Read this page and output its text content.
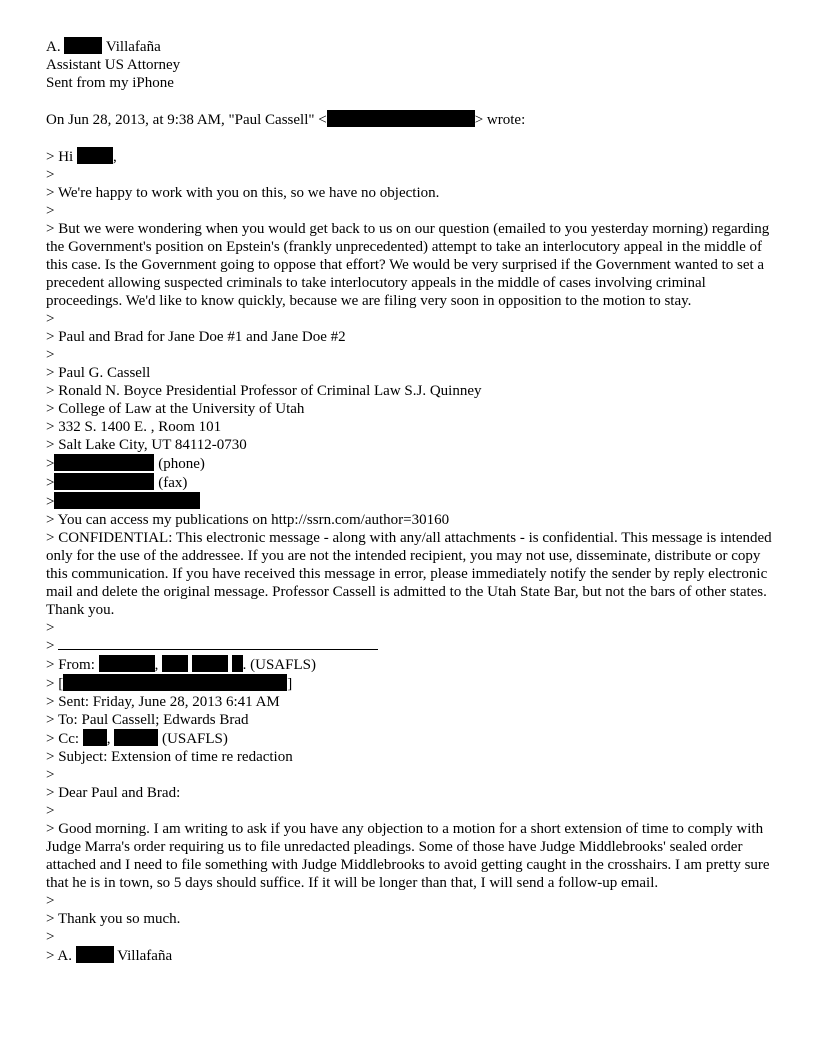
A.	Villafaña
Assistant US Attorney
Sent from my iPhone
On Jun 28, 2013, at 9:38 AM, "Paul Cassell" <	> wrote:
> Hi	,
>
> We're happy to work with you on this, so we have no objection.
>
> But we were wondering when you would get back to us on our question (emailed to you yesterday morning) regarding the Government's position on Epstein's (frankly unprecedented) attempt to take an interlocutory appeal in the middle of this case. Is the Government going to oppose that effort? We would be very surprised if the Government wanted to set a precedent allowing suspected criminals to take interlocutory appeals in the middle of cases involving criminal proceedings. We'd like to know quickly, because we are filing very soon in opposition to the motion to stay.
>
> Paul and Brad for Jane Doe #1 and Jane Doe #2
>
> Paul G. Cassell
> Ronald N. Boyce Presidential Professor of Criminal Law S.J. Quinney
> College of Law at the University of Utah
> 332 S. 1400 E. , Room 101
> Salt Lake City, UT 84112-0730
>	(phone)
>	(fax)
>
> You can access my publications on http://ssrn.com/author=30160
> CONFIDENTIAL: This electronic message - along with any/all attachments - is confidential. This message is intended only for the use of the addressee. If you are not the intended recipient, you may not use, disseminate, distribute or copy this communication. If you have received this message in error, please immediately notify the sender by reply electronic mail and delete the original message. Professor Cassell is admitted to the Utah State Bar, but not the bars of other states. Thank you.
>
>
> From:	,	. (USAFLS)
> [	]
> Sent: Friday, June 28, 2013 6:41 AM
> To: Paul Cassell; Edwards Brad
> Cc: ,	(USAFLS)
> Subject: Extension of time re redaction
>
> Dear Paul and Brad:
>
> Good morning. I am writing to ask if you have any objection to a motion for a short extension of time to comply with Judge Marra's order requiring us to file unredacted pleadings. Some of those have Judge Middlebrooks' sealed order attached and I need to file something with Judge Middlebrooks to avoid getting caught in the crosshairs. I am pretty sure that he is in town, so 5 days should suffice. If it will be longer than that, I will send a follow-up email.
>
> Thank you so much.
>
> A.	Villafaña
